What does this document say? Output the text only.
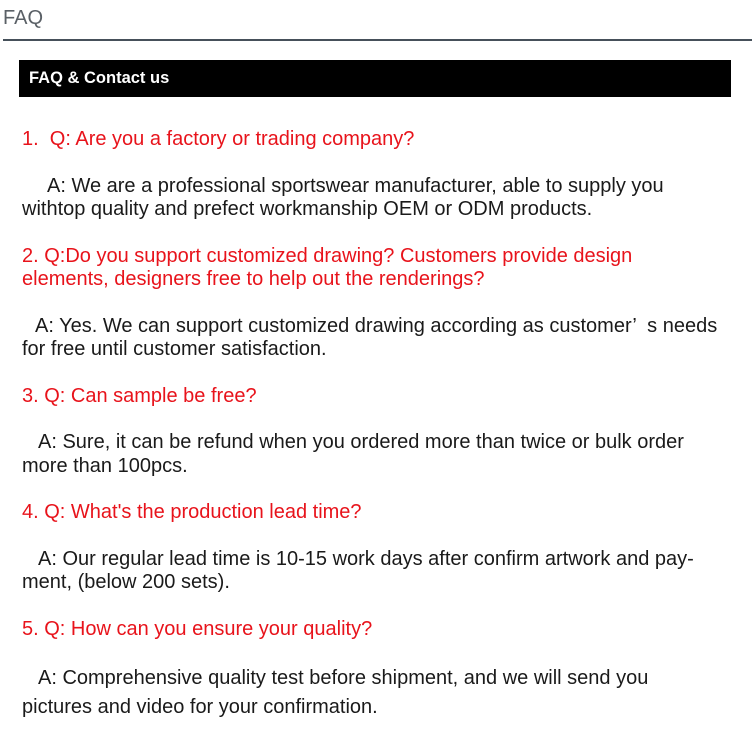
FAQ
FAQ & Contact us
1.  Q: Are you a factory or trading company?
A: We are a professional sportswear manufacturer, able to supply you
withtop quality and prefect workmanship OEM or ODM products.
2. Q:Do you support customized drawing? Customers provide design
elements, designers free to help out the renderings?
A: Yes. We can support customized drawing according as customer’  s needs
for free until customer satisfaction.
3. Q: Can sample be free?
A: Sure, it can be refund when you ordered more than twice or bulk order
more than 100pcs.
4. Q: What's the production lead time?
A: Our regular lead time is 10-15 work days after confirm artwork and pay-
ment, (below 200 sets).
5. Q: How can you ensure your quality?
A: Comprehensive quality test before shipment, and we will send you
pictures and video for your confirmation.
